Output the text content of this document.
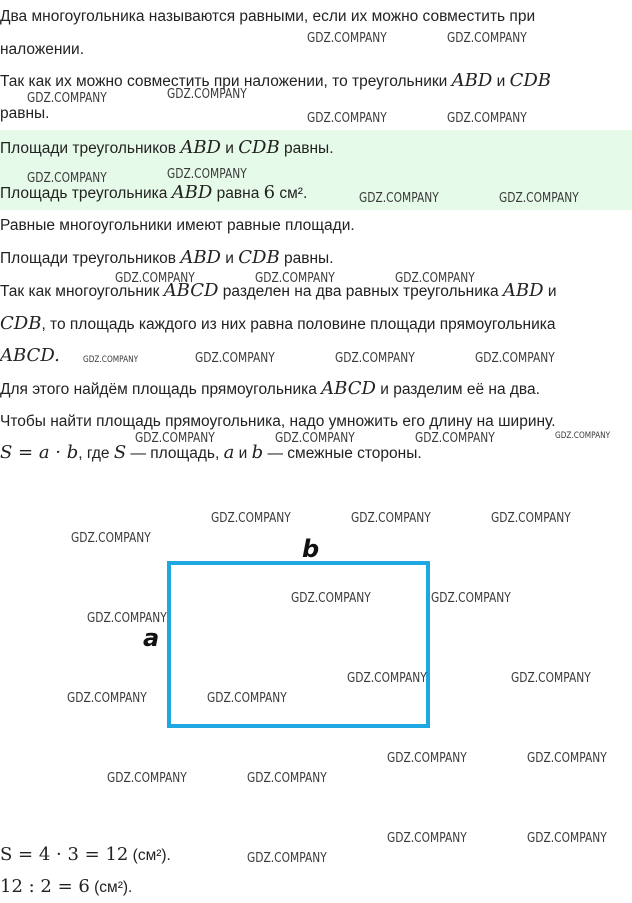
Два многоугольника называются равными, если их можно совместить при
наложении.
Так как их можно совместить при наложении, то треугольники ABD и CDB
равны.
Площади треугольников ABD и CDB равны.
Площадь треугольника ABD равна 6 см².
Равные многоугольники имеют равные площади.
Площади треугольников ABD и CDB равны.
Так как многоугольник ABCD разделен на два равных треугольника ABD и
CDB, то площадь каждого из них равна половине площади прямоугольника
ABCD.
Для этого найдём площадь прямоугольника ABCD и разделим её на два.
Чтобы найти площадь прямоугольника, надо умножить его длину на ширину.
S = a · b, где S — площадь, a и b — смежные стороны.
b
a
S = 4 · 3 = 12 (см²).
12 : 2 = 6 (см²).
GDZ.COMPANY	GDZ.COMPANY
GDZ.COMPANY	GDZ.COMPANY
GDZ.COMPANY	GDZ.COMPANY
GDZ.COMPANY	GDZ.COMPANY
GDZ.COMPANY	GDZ.COMPANY
GDZ.COMPANY	GDZ.COMPANY	GDZ.COMPANY
GDZ.COMPANY	GDZ.COMPANY	GDZ.COMPANY	GDZ.COMPANY
GDZ.COMPANY	GDZ.COMPANY	GDZ.COMPANY	GDZ.COMPANY
GDZ.COMPANY	GDZ.COMPANY	GDZ.COMPANY
GDZ.COMPANY
GDZ.COMPANY	GDZ.COMPANY
GDZ.COMPANY
GDZ.COMPANY	GDZ.COMPANY
GDZ.COMPANY	GDZ.COMPANY
GDZ.COMPANY	GDZ.COMPANY
GDZ.COMPANY	GDZ.COMPANY
GDZ.COMPANY	GDZ.COMPANY
GDZ.COMPANY
